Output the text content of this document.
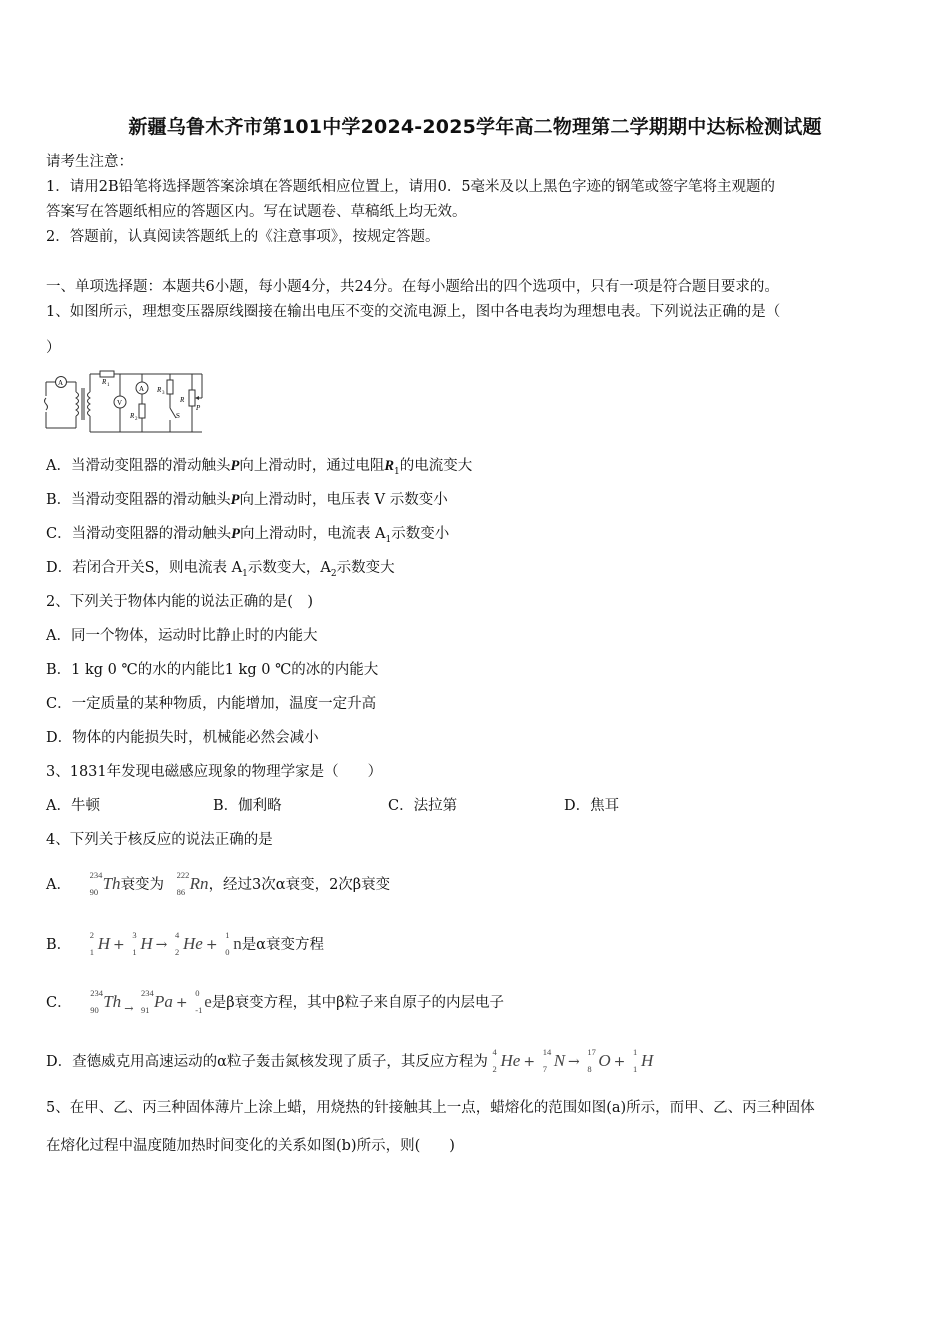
新疆乌鲁木齐市第101中学2024-2025学年高二物理第二学期期中达标检测试题
请考生注意：
1．请用2B铅笔将选择题答案涂填在答题纸相应位置上，请用0．5毫米及以上黑色字迹的钢笔或签字笔将主观题的
答案写在答题纸相应的答题区内。写在试题卷、草稿纸上均无效。
2．答题前，认真阅读答题纸上的《注意事项》，按规定答题。
一、单项选择题：本题共6小题，每小题4分，共24分。在每小题给出的四个选项中，只有一项是符合题目要求的。
1、如图所示，理想变压器原线圈接在输出电压不变的交流电源上，图中各电表均为理想电表。下列说法正确的是（
）
A
V
A
R 1
R 2
R 3
R
S
P
A．当滑动变阻器的滑动触头P向上滑动时，通过电阻$R_1$的电流变大
B．当滑动变阻器的滑动触头P向上滑动时，电压表 V 示数变小
C．当滑动变阻器的滑动触头P向上滑动时，电流表 $A_1$示数变小
D．若闭合开关S，则电流表 $A_1$示数变大，$A_2$示数变大
2、下列关于物体内能的说法正确的是(　)
A．同一个物体，运动时比静止时的内能大
B．1 kg 0 ℃的水的内能比1 kg 0 ℃的冰的内能大
C．一定质量的某种物质，内能增加，温度一定升高
D．物体的内能损失时，机械能必然会减小
3、1831年发现电磁感应现象的物理学家是（　　）
A．牛顿	B．伽利略	C．法拉第	D．焦耳
4、下列关于核反应的说法正确的是
A．
234
90 Th衰变为
222
86 Rn，经过3次α衰变，2次β衰变
B．
2
1 H +
3
1 H →
4
2 He +
1
0 n是α衰变方程
C．
234
90 Th $_\to$
234
91 Pa +
0
-1 e是β衰变方程，其中β粒子来自原子的内层电子
D．查德威克用高速运动的α粒子轰击氮核发现了质子，其反应方程为
4
2 He +
14
7 N →
17
8 O +
1
1 H
5、在甲、乙、丙三种固体薄片上涂上蜡，用烧热的针接触其上一点，蜡熔化的范围如图(a)所示，而甲、乙、丙三种固体
在熔化过程中温度随加热时间变化的关系如图(b)所示，则(　　)
